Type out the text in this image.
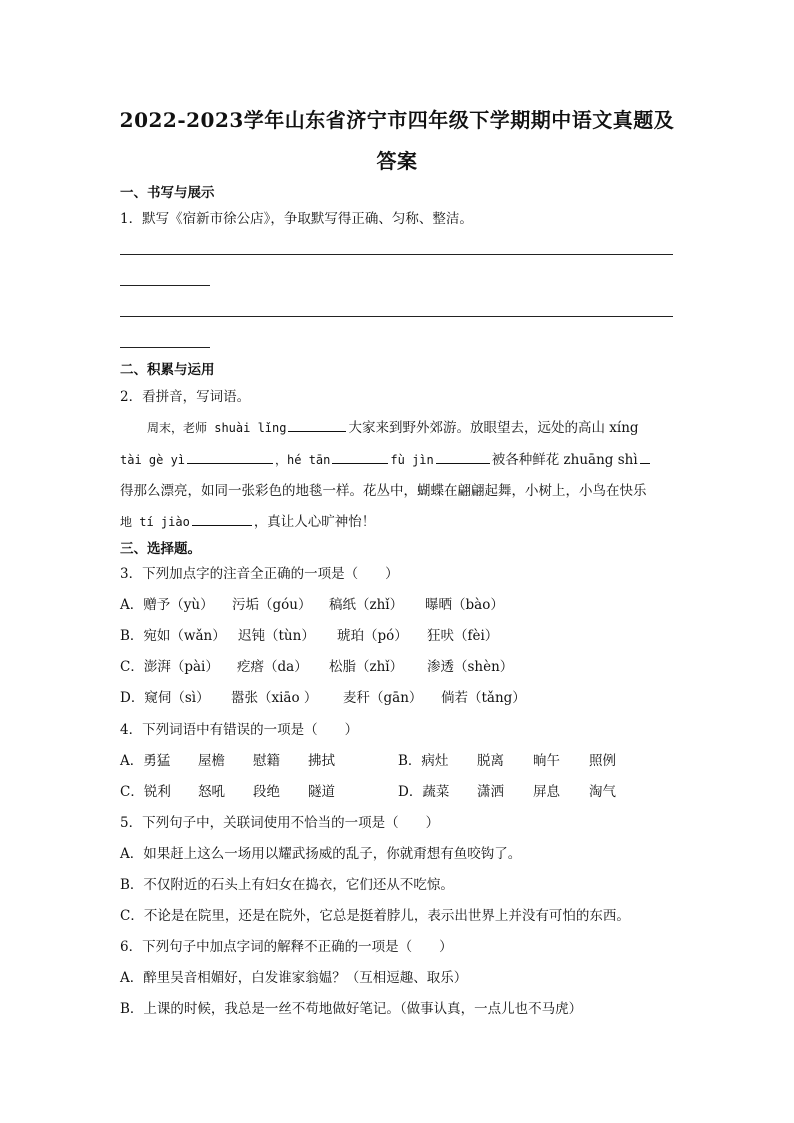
2022-2023学年山东省济宁市四年级下学期期中语文真题及
答案
一、书写与展示
1．默写《宿新市徐公店》，争取默写得正确、匀称、整洁。
二、积累与运用
2．看拼音，写词语。
周末，老师 shuài lǐng	大家来到野外郊游。放眼望去，远处的高山 xíng
tài gè yì	，hé tān	fù jìn	被各种鲜花 zhuāng shì
得那么漂亮，如同一张彩色的地毯一样。花丛中，蝴蝶在翩翩起舞，小树上，小鸟在快乐
地 tí jiào	，真让人心旷神怡！
三、选择题。
3．下列加点字的注音全正确的一项是（　　）
A．赠予（yù） 污垢（góu） 稿纸（zhǐ） 曝晒（bào）
B．宛如（wǎn） 迟钝（tùn） 琥珀（pó） 狂吠（fèi）
C．澎湃（pài） 疙瘩（da） 松脂（zhǐ） 渗透（shèn）
D．窥伺（sì） 嚣张（xiāo ） 麦秆（gān） 倘若（tǎng）
4．下列词语中有错误的一项是（　　）
A．勇猛 屋檐 慰籍 拂拭	B．病灶 脱离 晌午 照例
C．锐利 怒吼 段绝 隧道	D．蔬菜 潇洒 屏息 淘气
5．下列句子中，关联词使用不恰当的一项是（　　）
A．如果赶上这么一场用以耀武扬威的乱子，你就甭想有鱼咬钩了。
B．不仅附近的石头上有妇女在捣衣，它们还从不吃惊。
C．不论是在院里，还是在院外，它总是挺着脖儿，表示出世界上并没有可怕的东西。
6．下列句子中加点字词的解释不正确的一项是（　　）
A．醉里吴音相媚好，白发谁家翁媪？（互相逗趣、取乐）
B．上课的时候，我总是一丝不苟地做好笔记。（做事认真，一点儿也不马虎）
